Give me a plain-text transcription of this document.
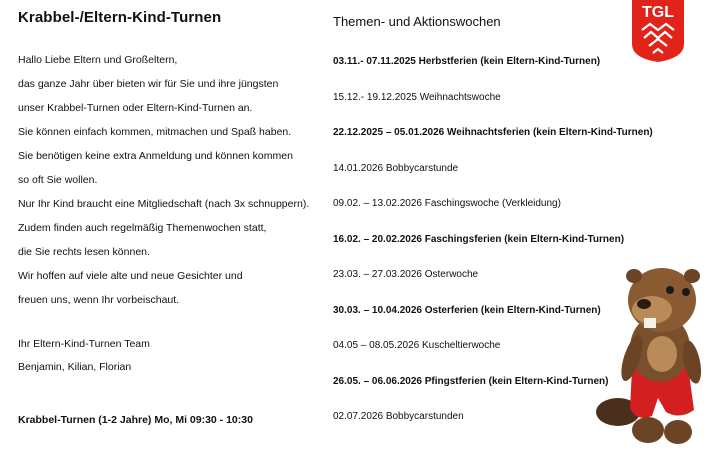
Krabbel-/Eltern-Kind-Turnen
Hallo Liebe Eltern und Großeltern,
das ganze Jahr über bieten wir für Sie und ihre jüngsten
unser Krabbel-Turnen oder Eltern-Kind-Turnen an.
Sie können einfach kommen, mitmachen und Spaß haben.
Sie benötigen keine extra Anmeldung und können kommen
so oft Sie wollen.
Nur Ihr Kind braucht eine Mitgliedschaft (nach 3x schnuppern).
Zudem finden auch regelmäßig Themenwochen statt,
die Sie rechts lesen können.
Wir hoffen auf viele alte und neue Gesichter und
freuen uns, wenn Ihr vorbeischaut.
Ihr Eltern-Kind-Turnen Team
Benjamin, Kilian, Florian
Krabbel-Turnen (1-2 Jahre) Mo, Mi 09:30 - 10:30
Themen- und Aktionswochen
03.11.- 07.11.2025 Herbstferien (kein Eltern-Kind-Turnen)
15.12.- 19.12.2025 Weihnachtswoche
22.12.2025 – 05.01.2026 Weihnachtsferien (kein Eltern-Kind-Turnen)
14.01.2026 Bobbycarstunde
09.02. – 13.02.2026 Faschingswoche (Verkleidung)
16.02. – 20.02.2026 Faschingsferien (kein Eltern-Kind-Turnen)
23.03. – 27.03.2026 Osterwoche
30.03. – 10.04.2026 Osterferien (kein Eltern-Kind-Turnen)
04.05 – 08.05.2026 Kuscheltierwoche
26.05. – 06.06.2026 Pfingstferien (kein Eltern-Kind-Turnen)
02.07.2026 Bobbycarstunden
TGL
